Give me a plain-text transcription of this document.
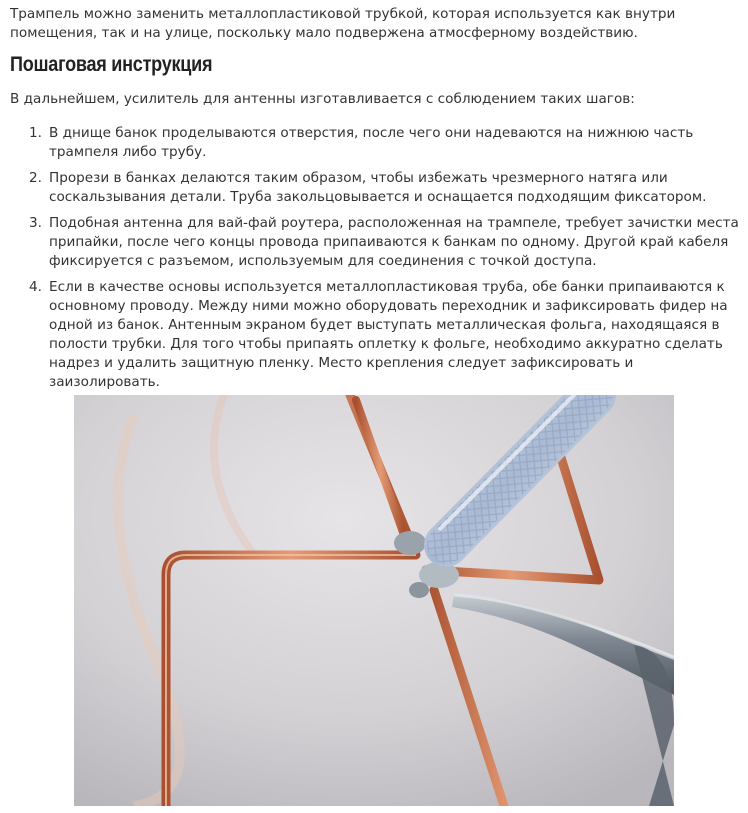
Трампель можно заменить металлопластиковой трубкой, которая используется как внутри помещения, так и на улице, поскольку мало подвержена атмосферному воздействию.

Пошаговая инструкция

В дальнейшем, усилитель для антенны изготавливается с соблюдением таких шагов:

1. В днище банок проделываются отверстия, после чего они надеваются на нижнюю часть трампеля либо трубу.
2. Прорези в банках делаются таким образом, чтобы избежать чрезмерного натяга или соскальзывания детали. Труба закольцовывается и оснащается подходящим фиксатором.
3. Подобная антенна для вай-фай роутера, расположенная на трампеле, требует зачистки места припайки, после чего концы провода припаиваются к банкам по одному. Другой край кабеля фиксируется с разъемом, используемым для соединения с точкой доступа.
4. Если в качестве основы используется металлопластиковая труба, обе банки припаиваются к основному проводу. Между ними можно оборудовать переходник и зафиксировать фидер на одной из банок. Антенным экраном будет выступать металлическая фольга, находящаяся в полости трубки. Для того чтобы припаять оплетку к фольге, необходимо аккуратно сделать надрез и удалить защитную пленку. Место крепления следует зафиксировать и заизолировать.
